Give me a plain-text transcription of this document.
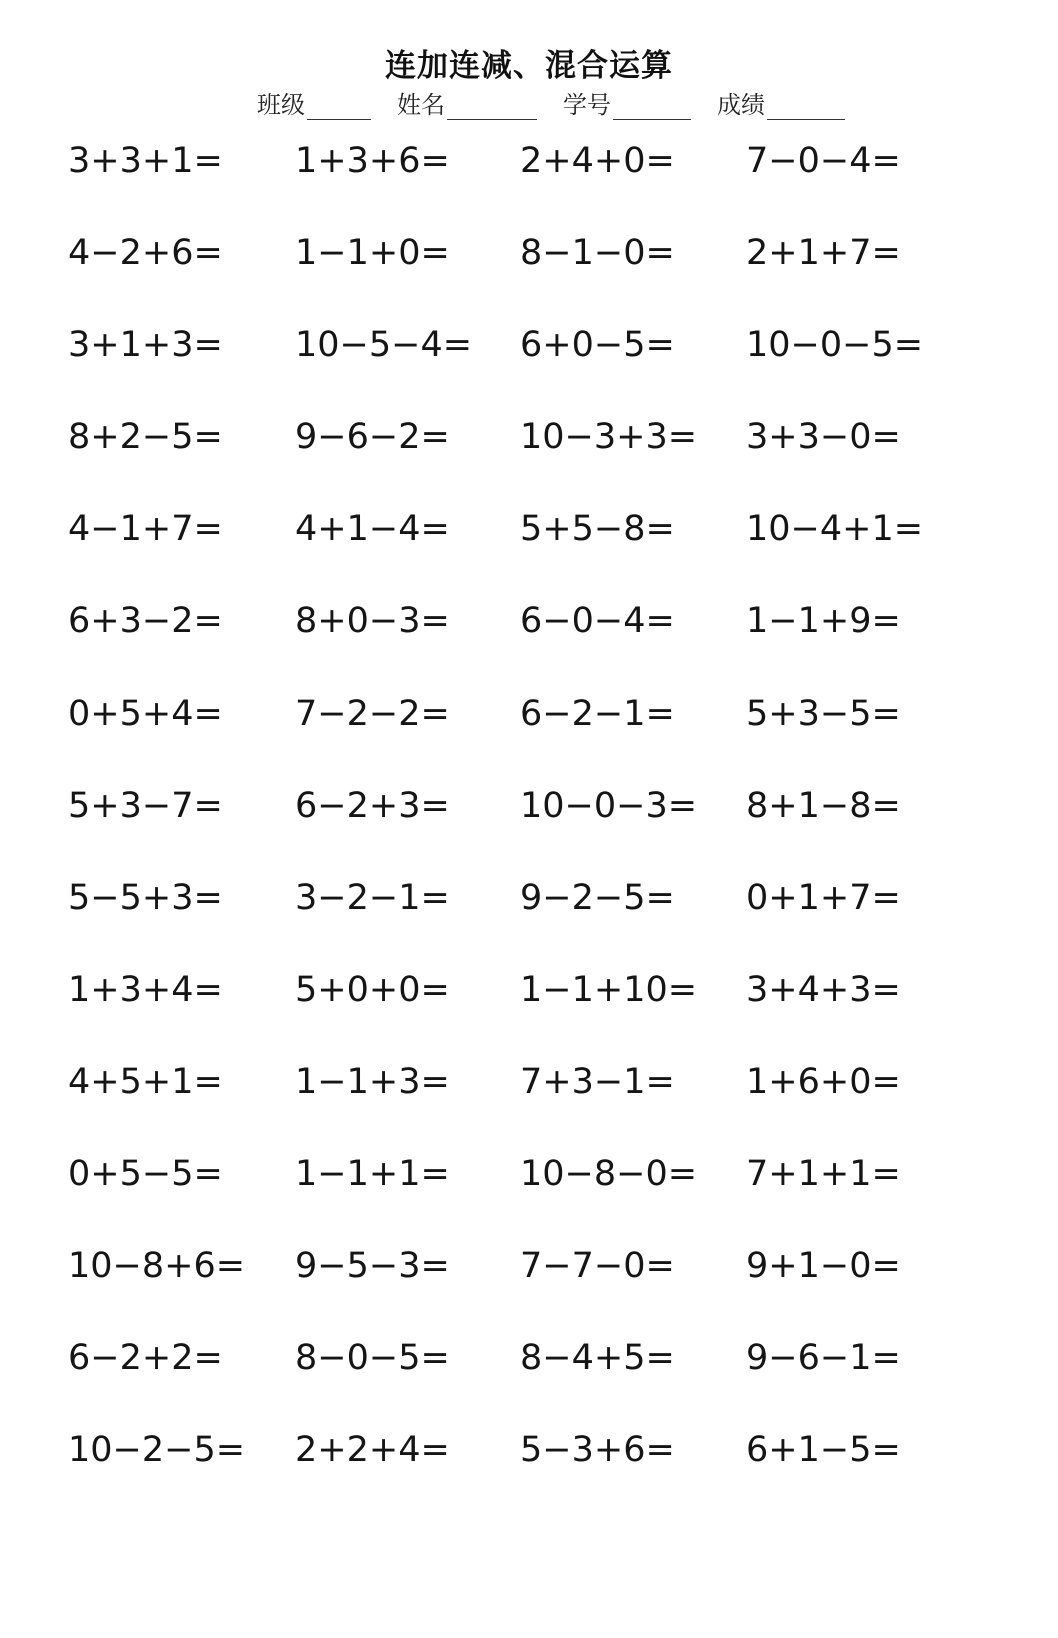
连加连减、混合运算
班级	姓名	学号	成绩
3+3+1=	1+3+6=	2+4+0=	7−0−4=
4−2+6=	1−1+0=	8−1−0=	2+1+7=
3+1+3=	10−5−4=	6+0−5=	10−0−5=
8+2−5=	9−6−2=	10−3+3=	3+3−0=
4−1+7=	4+1−4=	5+5−8=	10−4+1=
6+3−2=	8+0−3=	6−0−4=	1−1+9=
0+5+4=	7−2−2=	6−2−1=	5+3−5=
5+3−7=	6−2+3=	10−0−3=	8+1−8=
5−5+3=	3−2−1=	9−2−5=	0+1+7=
1+3+4=	5+0+0=	1−1+10=	3+4+3=
4+5+1=	1−1+3=	7+3−1=	1+6+0=
0+5−5=	1−1+1=	10−8−0=	7+1+1=
10−8+6=	9−5−3=	7−7−0=	9+1−0=
6−2+2=	8−0−5=	8−4+5=	9−6−1=
10−2−5=	2+2+4=	5−3+6=	6+1−5=
